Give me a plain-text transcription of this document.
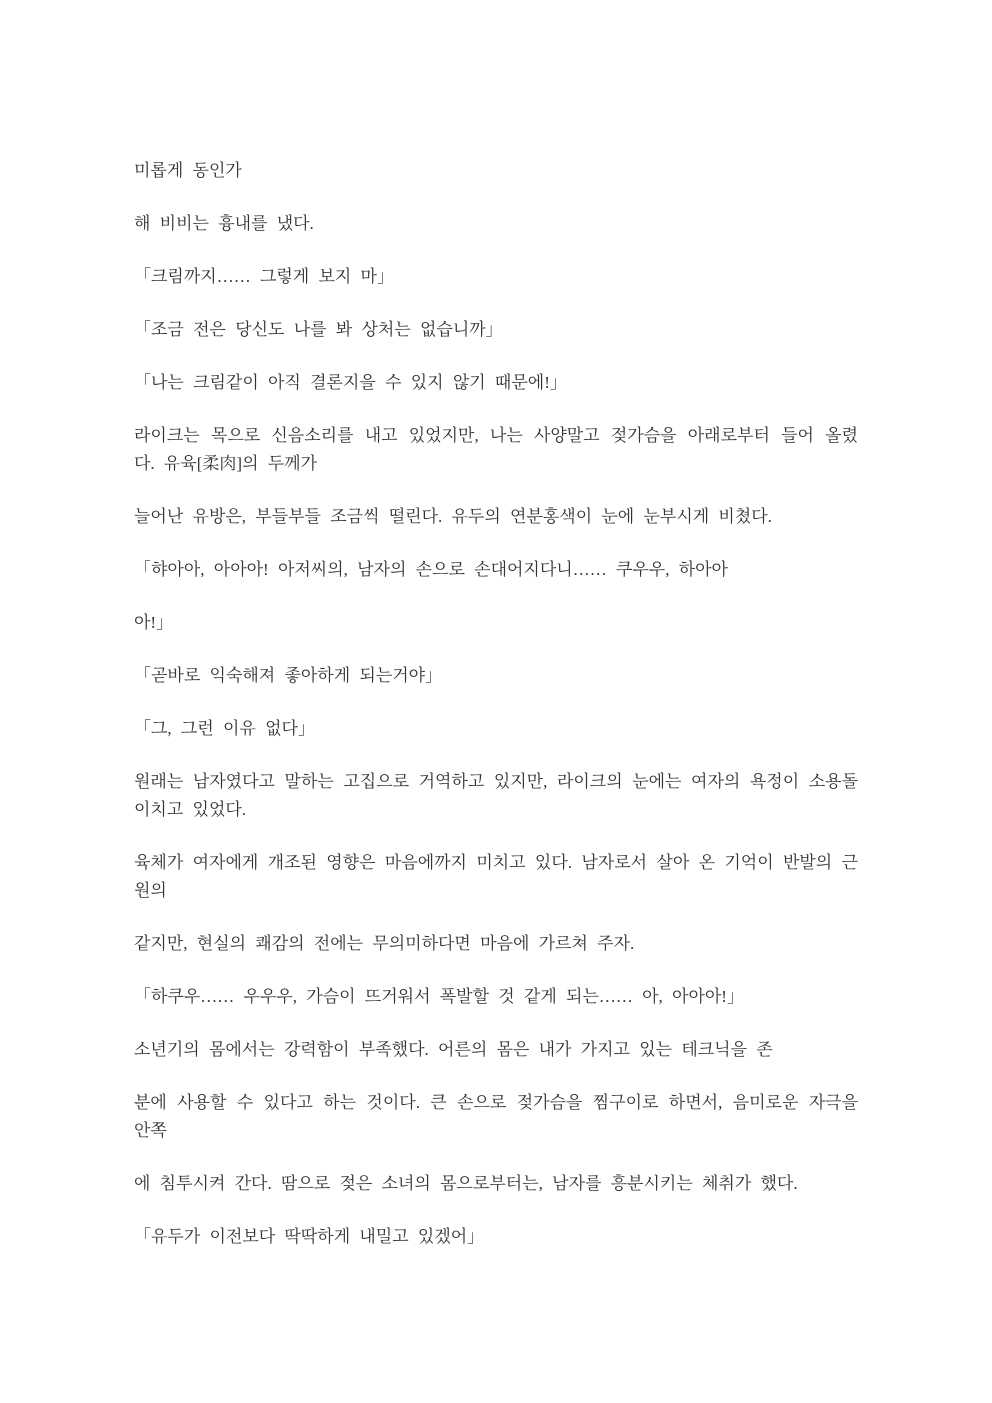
미롭게 동인가

해 비비는 흉내를 냈다.

「크림까지…… 그렇게 보지 마」

「조금 전은 당신도 나를 봐 상처는 없습니까」

「나는 크림같이 아직 결론지을 수 있지 않기 때문에!」

라이크는 목으로 신음소리를 내고 있었지만, 나는 사양말고 젖가슴을 아래로부터 들어 올렸
다. 유육[柔肉]의 두께가

늘어난 유방은, 부들부들 조금씩 떨린다. 유두의 연분홍색이 눈에 눈부시게 비쳤다.

「햐아아, 아아아! 아저씨의, 남자의 손으로 손대어지다니…… 쿠우우, 하아아

아!」

「곧바로 익숙해져 좋아하게 되는거야」

「그, 그런 이유 없다」

원래는 남자였다고 말하는 고집으로 거역하고 있지만, 라이크의 눈에는 여자의 욕정이 소용돌
이치고 있었다.

육체가 여자에게 개조된 영향은 마음에까지 미치고 있다. 남자로서 살아 온 기억이 반발의 근
원의

같지만, 현실의 쾌감의 전에는 무의미하다면 마음에 가르쳐 주자.

「하쿠우…… 우우우, 가슴이 뜨거워서 폭발할 것 같게 되는…… 아, 아아아!」

소년기의 몸에서는 강력함이 부족했다. 어른의 몸은 내가 가지고 있는 테크닉을 존

분에 사용할 수 있다고 하는 것이다. 큰 손으로 젖가슴을 찜구이로 하면서, 음미로운 자극을
안쪽

에 침투시켜 간다. 땀으로 젖은 소녀의 몸으로부터는, 남자를 흥분시키는 체취가 했다.

「유두가 이전보다 딱딱하게 내밀고 있겠어」
